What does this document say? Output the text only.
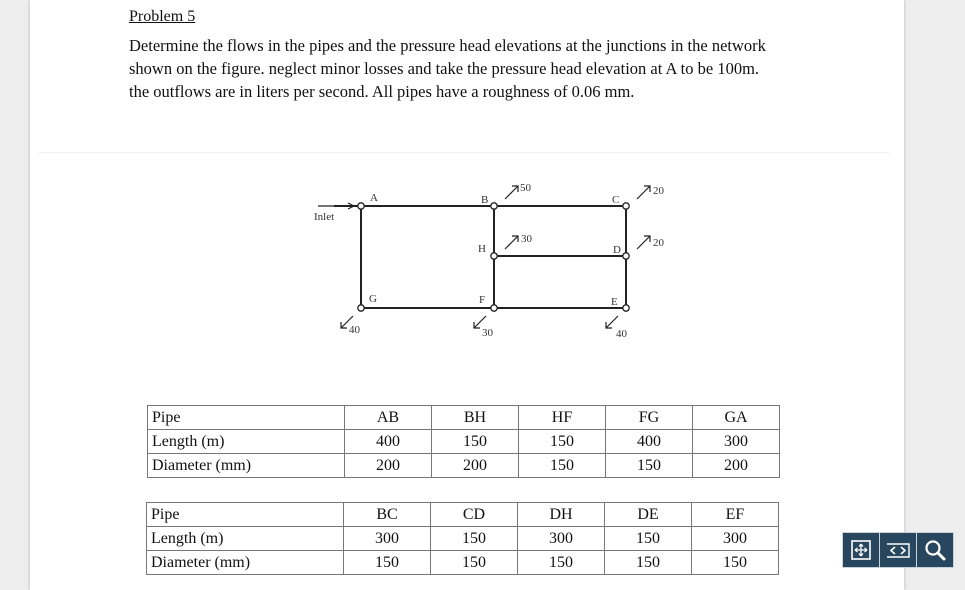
Problem 5
Determine the flows in the pipes and the pressure head elevations at the junctions in the network
shown on the figure. neglect minor losses and take the pressure head elevation at A to be 100m.
the outflows are in liters per second. All pipes have a roughness of 0.06 mm.
Inlet
A	B	C
H	D
G	F	E
50	20
30	20
40	30	40
Pipe	AB	BH	HF	FG	GA
Length (m)	400	150	150	400	300
Diameter (mm)	200	200	150	150	200
Pipe	BC	CD	DH	DE	EF
Length (m)	300	150	300	150	300
Diameter (mm)	150	150	150	150	150
